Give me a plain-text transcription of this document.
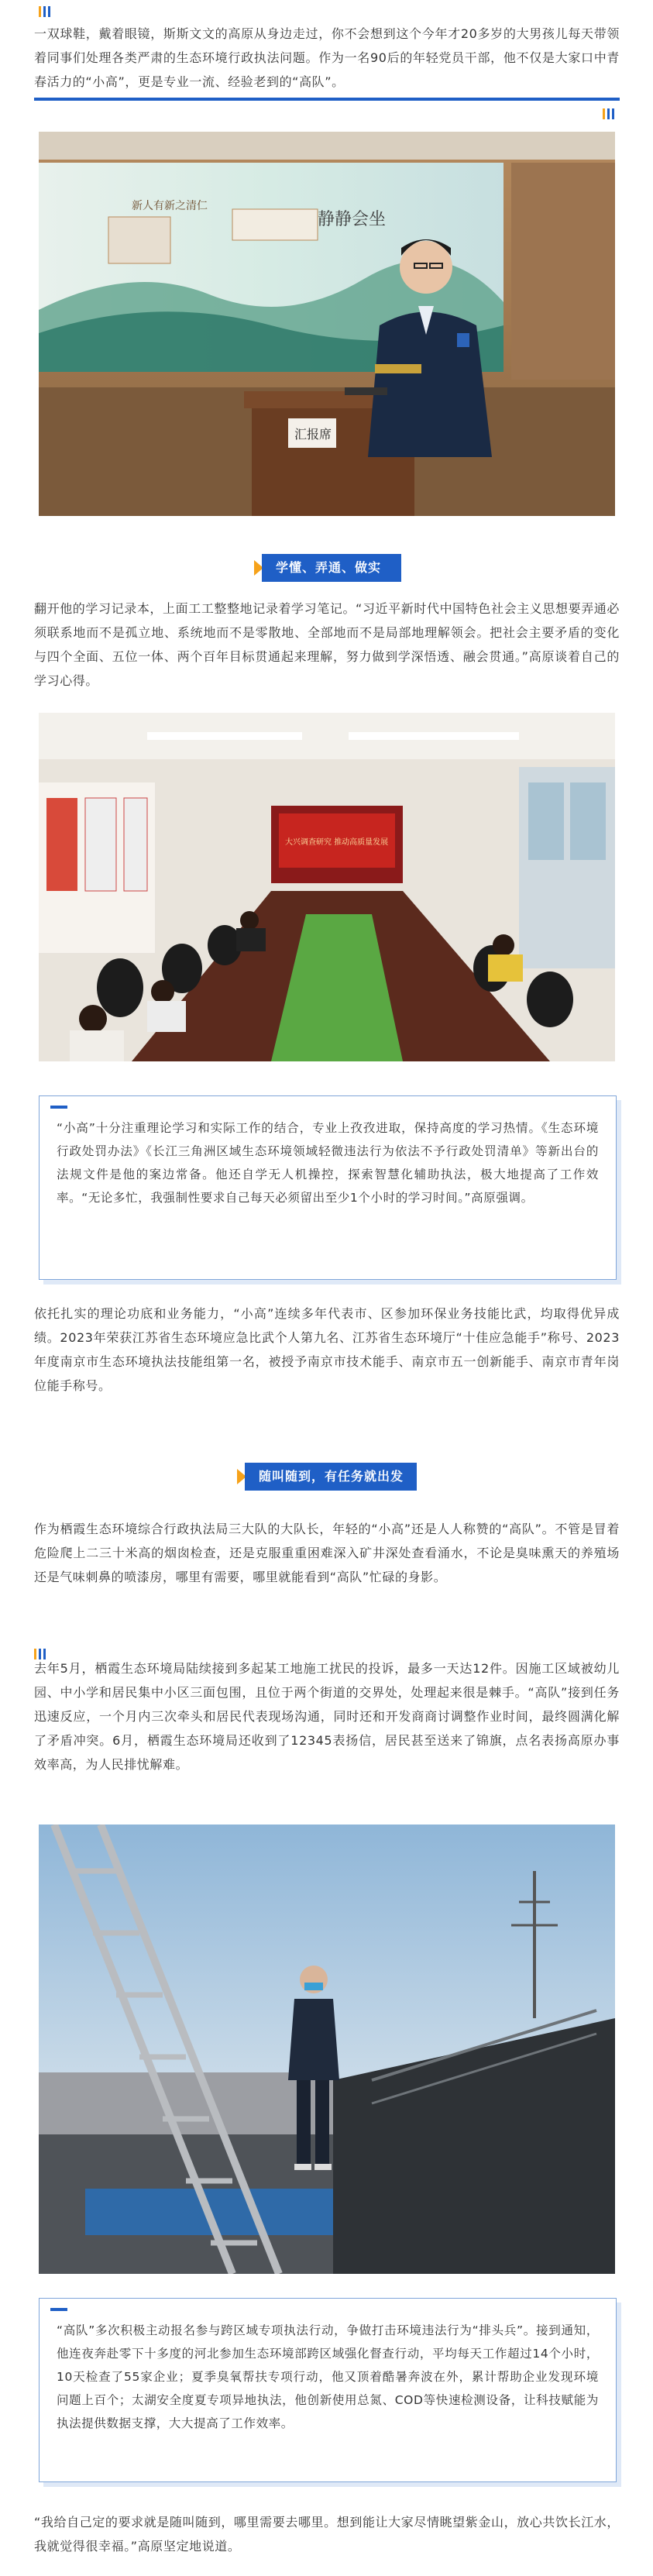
一双球鞋，戴着眼镜，斯斯文文的高原从身边走过，你不会想到这个今年才20多岁的大男孩儿每天带领着同事们处理各类严肃的生态环境行政执法问题。作为一名90后的年轻党员干部，他不仅是大家口中青春活力的“小高”，更是专业一流、经验老到的“高队”。

静静会坐
新人有新之清仁
汇报席
学懂、弄通、做实

翻开他的学习记录本，上面工工整整地记录着学习笔记。“习近平新时代中国特色社会主义思想要弄通必须联系地而不是孤立地、系统地而不是零散地、全部地而不是局部地理解领会。把社会主要矛盾的变化与四个全面、五位一体、两个百年目标贯通起来理解，努力做到学深悟透、融会贯通。”高原谈着自己的学习心得。

大兴调查研究 推动高质量发展

“小高”十分注重理论学习和实际工作的结合，专业上孜孜进取，保持高度的学习热情。《生态环境行政处罚办法》《长江三角洲区域生态环境领域轻微违法行为依法不予行政处罚清单》等新出台的法规文件是他的案边常备。他还自学无人机操控，探索智慧化辅助执法，极大地提高了工作效率。“无论多忙，我强制性要求自己每天必须留出至少1个小时的学习时间。”高原强调。

依托扎实的理论功底和业务能力，“小高”连续多年代表市、区参加环保业务技能比武，均取得优异成绩。2023年荣获江苏省生态环境应急比武个人第九名、江苏省生态环境厅“十佳应急能手”称号、2023年度南京市生态环境执法技能组第一名，被授予南京市技术能手、南京市五一创新能手、南京市青年岗位能手称号。

随叫随到，有任务就出发

作为栖霞生态环境综合行政执法局三大队的大队长，年轻的“小高”还是人人称赞的“高队”。不管是冒着危险爬上二三十米高的烟囱检查，还是克服重重困难深入矿井深处查看涌水，不论是臭味熏天的养殖场还是气味刺鼻的喷漆房，哪里有需要，哪里就能看到“高队”忙碌的身影。

去年5月，栖霞生态环境局陆续接到多起某工地施工扰民的投诉，最多一天达12件。因施工区域被幼儿园、中小学和居民集中小区三面包围，且位于两个街道的交界处，处理起来很是棘手。“高队”接到任务迅速反应，一个月内三次牵头和居民代表现场沟通，同时还和开发商商讨调整作业时间，最终圆满化解了矛盾冲突。6月，栖霞生态环境局还收到了12345表扬信，居民甚至送来了锦旗，点名表扬高原办事效率高，为人民排忧解难。

“高队”多次积极主动报名参与跨区域专项执法行动，争做打击环境违法行为“排头兵”。接到通知，他连夜奔赴零下十多度的河北参加生态环境部跨区域强化督查行动，平均每天工作超过14个小时，10天检查了55家企业；夏季臭氧帮扶专项行动，他又顶着酷暑奔波在外，累计帮助企业发现环境问题上百个；太湖安全度夏专项异地执法，他创新使用总氮、COD等快速检测设备，让科技赋能为执法提供数据支撑，大大提高了工作效率。

“我给自己定的要求就是随叫随到，哪里需要去哪里。想到能让大家尽情眺望紫金山，放心共饮长江水，我就觉得很幸福。”高原坚定地说道。
